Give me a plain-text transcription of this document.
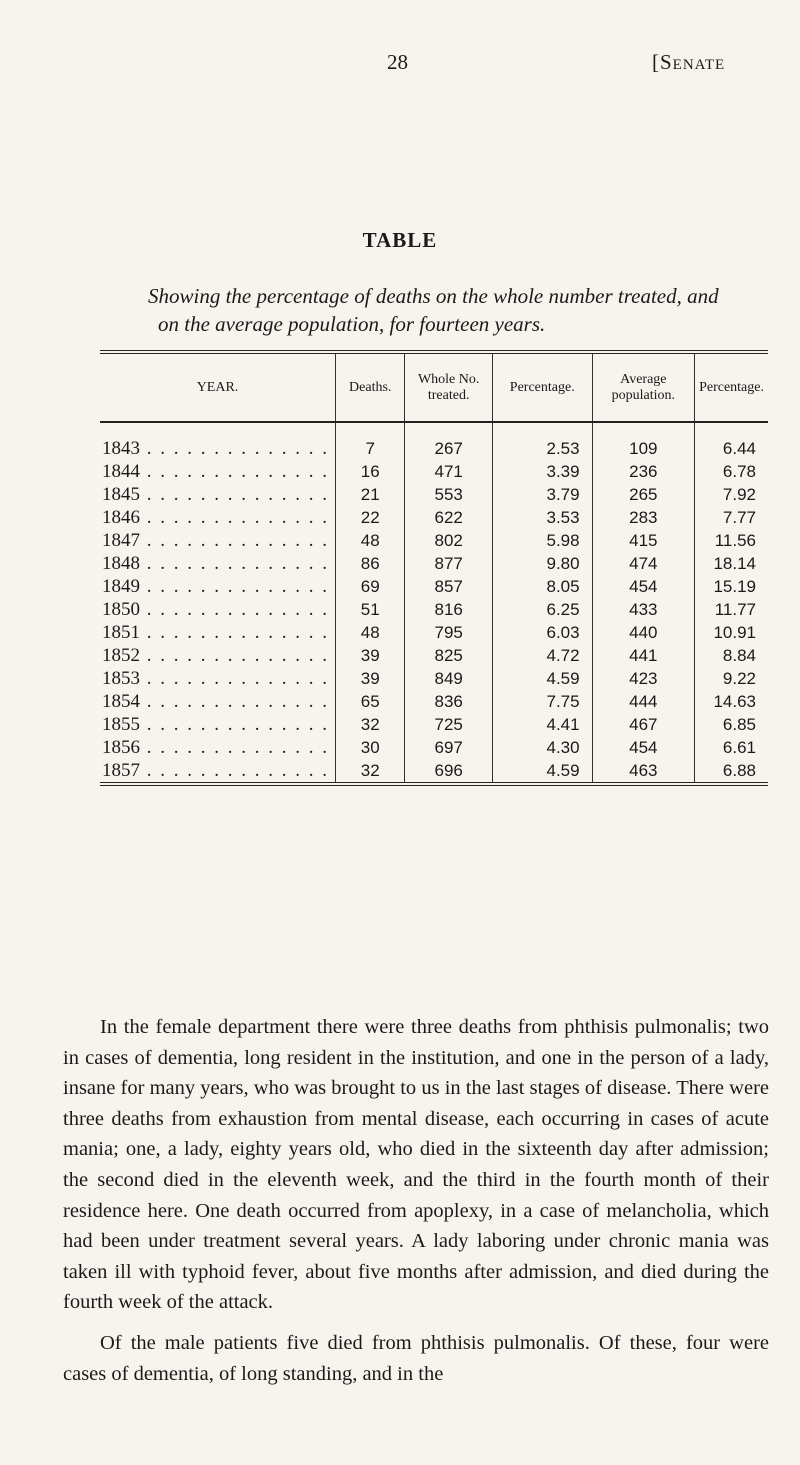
28	[Senate
TABLE
Showing the percentage of deaths on the whole number treated, and
on the average population, for fourteen years.
YEAR.	Deaths.	Whole No. treated.	Percentage.	Average population.	Percentage.
1843 . . . . . . . . . . . . . .	7	267	2.53	109	6.44
1844 . . . . . . . . . . . . . .	16	471	3.39	236	6.78
1845 . . . . . . . . . . . . . .	21	553	3.79	265	7.92
1846 . . . . . . . . . . . . . .	22	622	3.53	283	7.77
1847 . . . . . . . . . . . . . .	48	802	5.98	415	11.56
1848 . . . . . . . . . . . . . .	86	877	9.80	474	18.14
1849 . . . . . . . . . . . . . .	69	857	8.05	454	15.19
1850 . . . . . . . . . . . . . .	51	816	6.25	433	11.77
1851 . . . . . . . . . . . . . .	48	795	6.03	440	10.91
1852 . . . . . . . . . . . . . .	39	825	4.72	441	8.84
1853 . . . . . . . . . . . . . .	39	849	4.59	423	9.22
1854 . . . . . . . . . . . . . .	65	836	7.75	444	14.63
1855 . . . . . . . . . . . . . .	32	725	4.41	467	6.85
1856 . . . . . . . . . . . . . .	30	697	4.30	454	6.61
1857 . . . . . . . . . . . . . .	32	696	4.59	463	6.88

In the female department there were three deaths from phthisis pulmonalis; two in cases of dementia, long resident in the institution, and one in the person of a lady, insane for many years, who was brought to us in the last stages of disease. There were three deaths from exhaustion from mental disease, each occurring in cases of acute mania; one, a lady, eighty years old, who died in the sixteenth day after admission; the second died in the eleventh week, and the third in the fourth month of their residence here. One death occurred from apoplexy, in a case of melancholia, which had been under treatment several years. A lady laboring under chronic mania was taken ill with typhoid fever, about five months after admission, and died during the fourth week of the attack.

Of the male patients five died from phthisis pulmonalis. Of these, four were cases of dementia, of long standing, and in the
